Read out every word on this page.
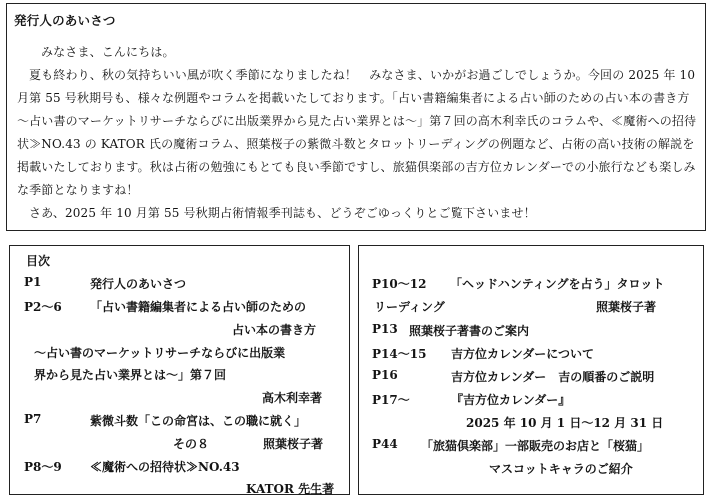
発行人のあいさつ

みなさま、こんにちは。

夏も終わり、秋の気持ちいい風が吹く季節になりましたね！　みなさま、いかがお過ごしでしょうか。今回の 2025 年 10 月第 55 号秋期号も、様々な例題やコラムを掲載いたしております。「占い書籍編集者による占い師のための占い本の書き方～占い書のマーケットリサーチならびに出版業界から見た占い業界とは～」第７回の高木利幸氏のコラムや、≪魔術への招待状≫NO.43 の KATOR 氏の魔術コラム、照葉桜子の紫微斗数とタロットリーディングの例題など、占術の高い技術の解説を掲載いたしております。秋は占術の勉強にもとても良い季節ですし、旅猫倶楽部の吉方位カレンダーでの小旅行なども楽しみな季節となりますね！

さあ、2025 年 10 月第 55 号秋期占術情報季刊誌も、どうぞごゆっくりとご覧下さいませ！

目次
P1	発行人のあいさつ
P2～6 「占い書籍編集者による占い師のための
占い本の書き方
～占い書のマーケットリサーチならびに出版業
界から見た占い業界とは～」第７回
高木利幸著
P7	紫微斗数「この命宮は、この職に就く」
その８	照葉桜子著
P8～9 ≪魔術への招待状≫NO.43
KATOR 先生著
P10～12 「ヘッドハンティングを占う」タロット
リーディング	照葉桜子著
P13 照葉桜子著書のご案内
P14～15 吉方位カレンダーについて
P16	吉方位カレンダー　吉の順番のご説明
P17～	『吉方位カレンダー』
2025 年 10 月 1 日～12 月 31 日
P44 「旅猫倶楽部」一部販売のお店と「桜猫」
マスコットキャラのご紹介
